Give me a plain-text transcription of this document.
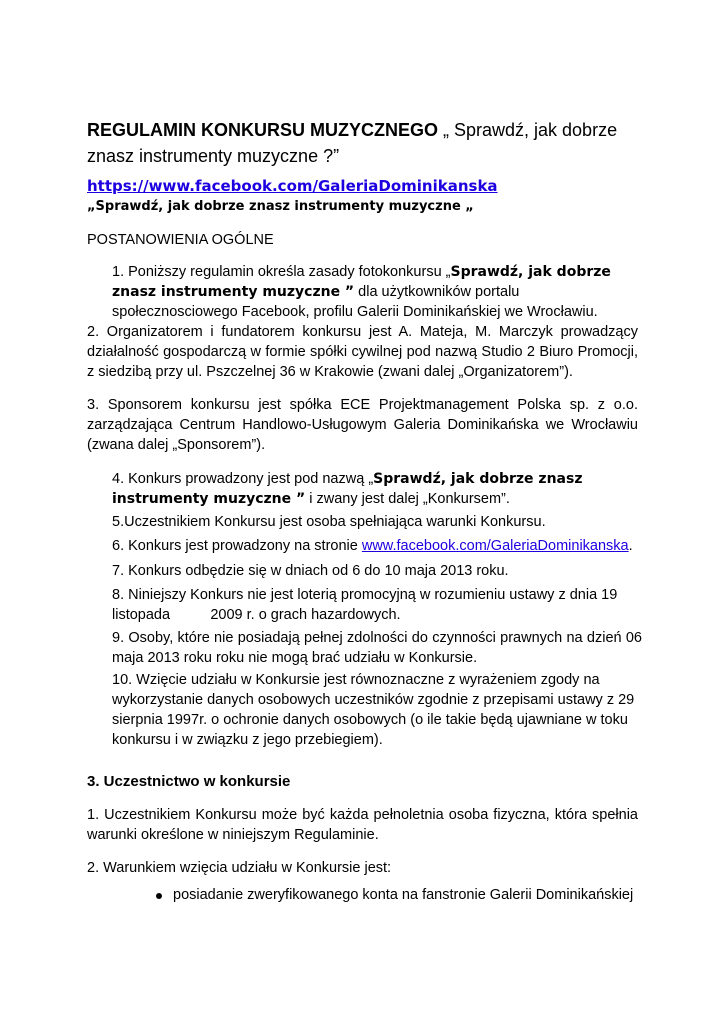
REGULAMIN KONKURSU MUZYCZNEGO „ Sprawdź, jak dobrze znasz instrumenty muzyczne ?”
https://www.facebook.com/GaleriaDominikanska
„Sprawdź, jak dobrze znasz instrumenty muzyczne „
POSTANOWIENIA OGÓLNE
1. Poniższy regulamin określa zasady fotokonkursu „Sprawdź, jak dobrze znasz instrumenty muzyczne ” dla użytkowników portalu społecznosciowego Facebook, profilu Galerii Dominikańskiej we Wrocławiu.
2. Organizatorem i fundatorem konkursu jest A. Mateja, M. Marczyk prowadzący działalność gospodarczą w formie spółki cywilnej pod nazwą Studio 2 Biuro Promocji, z siedzibą przy ul. Pszczelnej 36 w Krakowie (zwani dalej „Organizatorem”).
3. Sponsorem konkursu jest spółka ECE Projektmanagement Polska sp. z o.o. zarządzająca Centrum Handlowo-Usługowym Galeria Dominikańska we Wrocławiu (zwana dalej „Sponsorem”).
4. Konkurs prowadzony jest pod nazwą „Sprawdź, jak dobrze znasz instrumenty muzyczne ” i zwany jest dalej „Konkursem”.
5.Uczestnikiem Konkursu jest osoba spełniająca warunki Konkursu.
6. Konkurs jest prowadzony na stronie www.facebook.com/GaleriaDominikanska.
7. Konkurs odbędzie się w dniach od 6 do 10 maja 2013 roku.
8. Niniejszy Konkurs nie jest loterią promocyjną w rozumieniu ustawy z dnia 19
listopada          2009 r. o grach hazardowych.
9. Osoby, które nie posiadają pełnej zdolności do czynności prawnych na dzień 06 maja 2013 roku roku nie mogą brać udziału w Konkursie.
10. Wzięcie udziału w Konkursie jest równoznaczne z wyrażeniem zgody na wykorzystanie danych osobowych uczestników zgodnie z przepisami ustawy z 29 sierpnia 1997r. o ochronie danych osobowych (o ile takie będą ujawniane w toku konkursu i w związku z jego przebiegiem).
3. Uczestnictwo w konkursie
1. Uczestnikiem Konkursu może być każda pełnoletnia osoba fizyczna, która spełnia warunki określone w niniejszym Regulaminie.
2. Warunkiem wzięcia udziału w Konkursie jest:
posiadanie zweryfikowanego konta na fanstronie Galerii Dominikańskiej
